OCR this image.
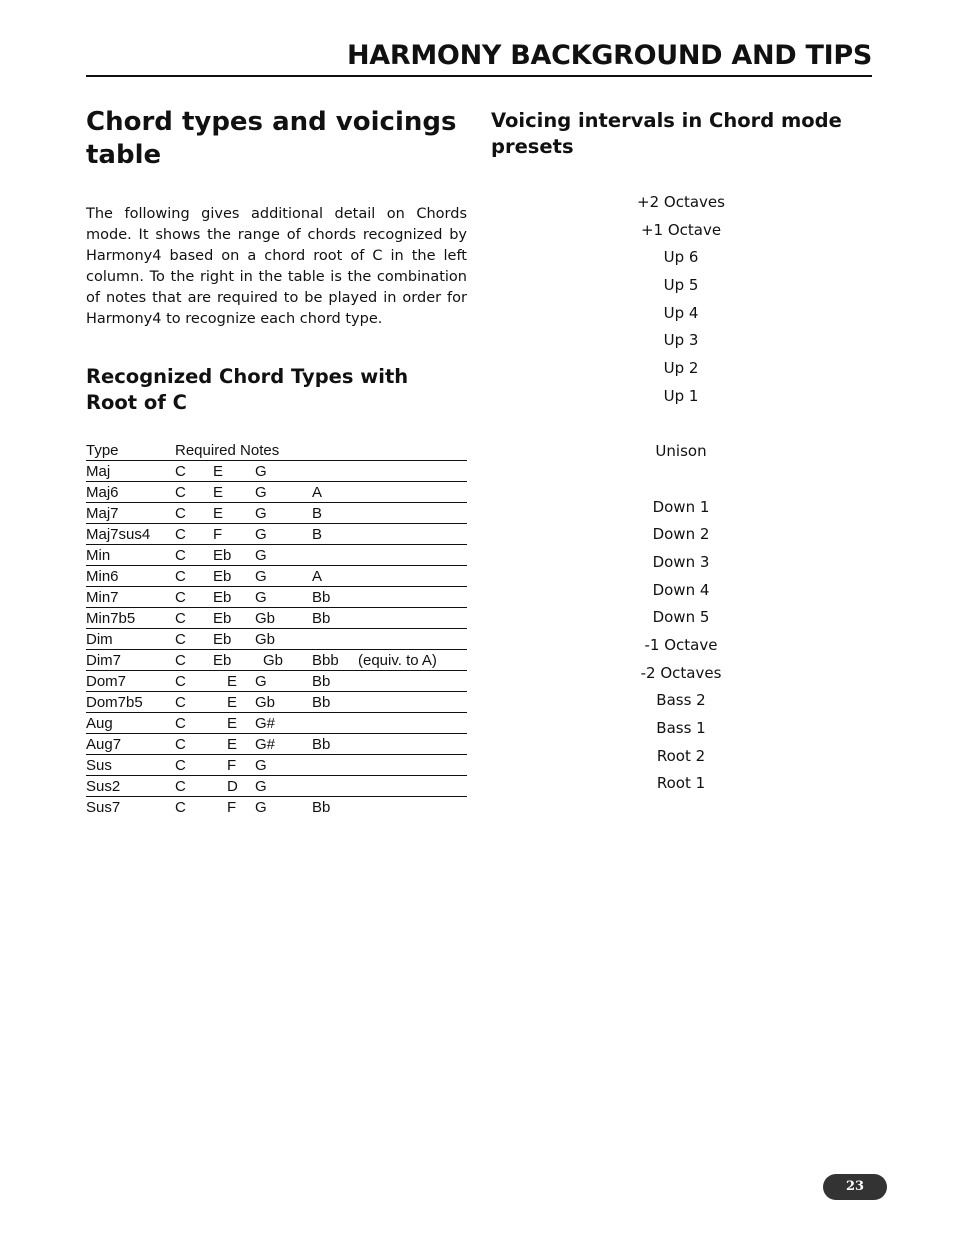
HARMONY BACKGROUND AND TIPS
Chord types and voicings table
The following gives additional detail on Chords mode. It shows the range of chords recognized by Harmony4 based on a chord root of C in the left column. To the right in the table is the combination of notes that are required to be played in order for Harmony4 to recognize each chord type.
Recognized Chord Types with Root of C
Type	Required Notes
Maj	C E G
Maj6	C E G	A
Maj7	C E G	B
Maj7sus4 C F G	B
Min	C Eb G
Min6	C Eb G	A
Min7	C Eb G	Bb
Min7b5	C Eb Gb Bb
Dim	C Eb Gb
Dim7	C Eb Gb Bbb (equiv. to A)
Dom7	C	E G	Bb
Dom7b5 C	E Gb Bb
Aug	C	E G#
Aug7	C	E G# Bb
Sus	C	F G
Sus2	C	D G
Sus7	C	F G	Bb
Voicing intervals in Chord mode presets
+2 Octaves
+1 Octave
Up 6
Up 5
Up 4
Up 3
Up 2
Up 1
Unison
Down 1
Down 2
Down 3
Down 4
Down 5
-1 Octave
-2 Octaves
Bass 2
Bass 1
Root 2
Root 1
23
